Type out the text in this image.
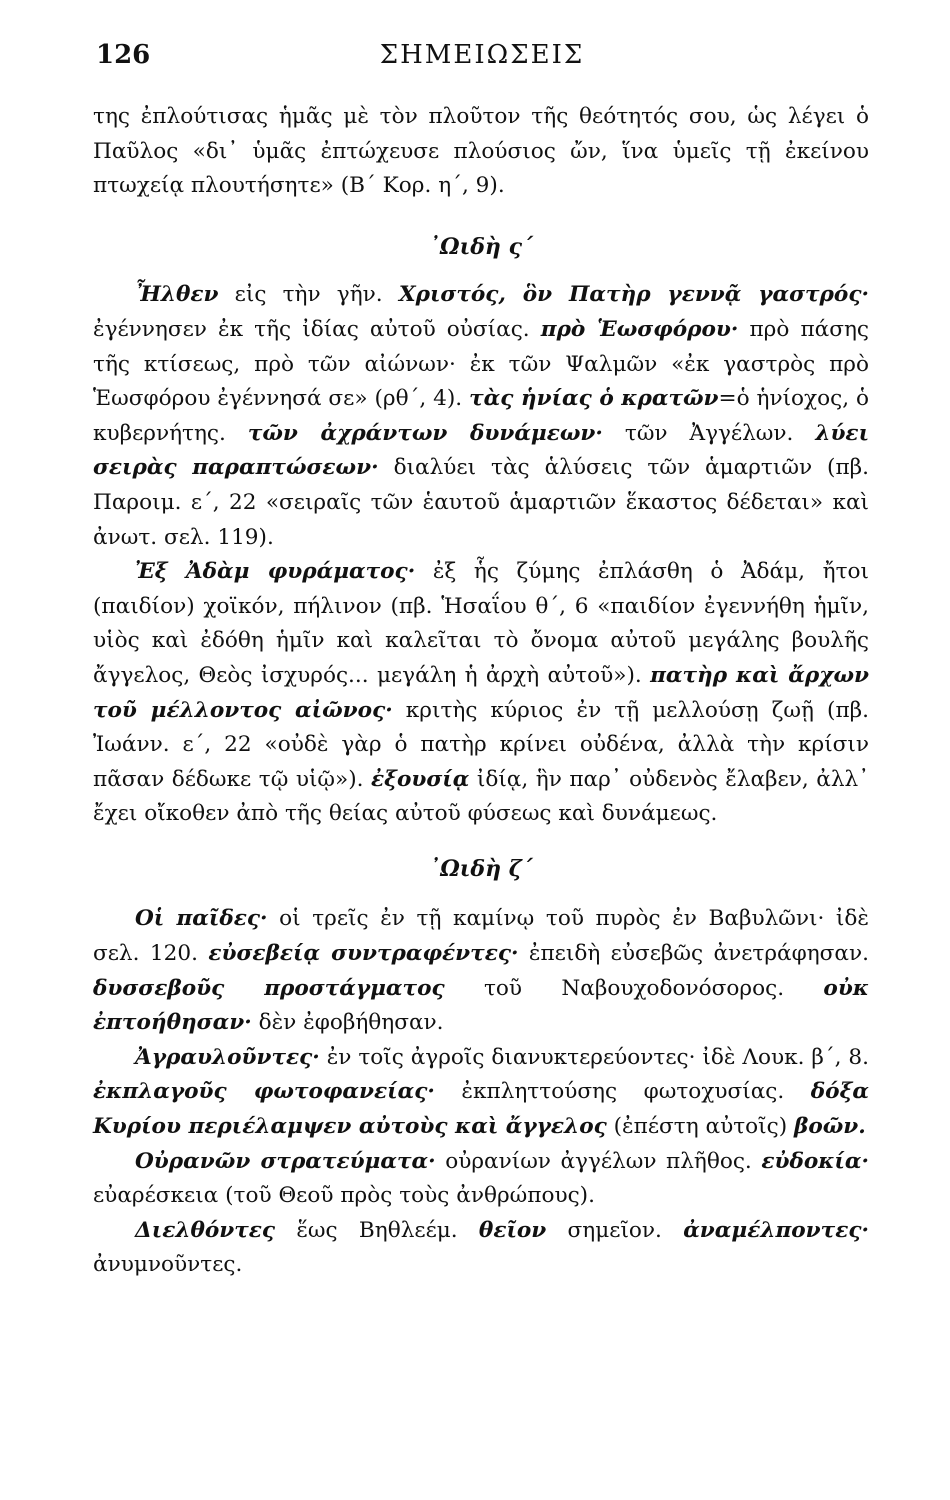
126	ΣΗΜΕΙΩΣΕΙΣ

της ἐπλούτισας ἡμᾶς μὲ τὸν πλοῦτον τῆς θεότητός σου, ὡς λέγει ὁ Παῦλος «δι᾽ ὑμᾶς ἐπτώχευσε πλούσιος ὤν, ἵνα ὑμεῖς τῇ ἐκείνου πτωχείᾳ πλουτήσητε» (Β΄ Κορ. η΄, 9).

᾽Ωιδὴ ς΄

Ἦλθεν εἰς τὴν γῆν. Χριστός, ὃν Πατὴρ γεννᾷ γαστρός· ἐγέννησεν ἐκ τῆς ἰδίας αὐτοῦ οὐσίας. πρὸ Ἑωσφόρου· πρὸ πάσης τῆς κτίσεως, πρὸ τῶν αἰώνων· ἐκ τῶν Ψαλμῶν «ἐκ γαστρὸς πρὸ Ἑωσφόρου ἐγέννησά σε» (ρθ΄, 4). τὰς ἡνίας ὁ κρατῶν=ὁ ἡνίοχος, ὁ κυβερνήτης. τῶν ἀχράντων δυνάμεων· τῶν Ἀγγέλων. λύει σειρὰς παραπτώσεων· διαλύει τὰς ἁλύσεις τῶν ἁμαρτιῶν (πβ. Παροιμ. ε΄, 22 «σειραῖς τῶν ἑαυτοῦ ἁμαρτιῶν ἕκαστος δέδεται» καὶ ἀνωτ. σελ. 119).

Ἐξ Ἀδὰμ φυράματος· ἐξ ἧς ζύμης ἐπλάσθη ὁ Ἀδάμ, ἤτοι (παιδίον) χοϊκόν, πήλινον (πβ. Ἡσαΐου θ΄, 6 «παιδίον ἐγεννήθη ἡμῖν, υἱὸς καὶ ἐδόθη ἡμῖν καὶ καλεῖται τὸ ὄνομα αὐτοῦ μεγάλης βουλῆς ἄγγελος, Θεὸς ἰσχυρός... μεγάλη ἡ ἀρχὴ αὐτοῦ»). πατὴρ καὶ ἄρχων τοῦ μέλλοντος αἰῶνος· κριτὴς κύριος ἐν τῇ μελλούσῃ ζωῇ (πβ. Ἰωάνν. ε΄, 22 «οὐδὲ γὰρ ὁ πατὴρ κρίνει οὐδένα, ἀλλὰ τὴν κρίσιν πᾶσαν δέδωκε τῷ υἱῷ»). ἐξουσίᾳ ἰδίᾳ, ἣν παρ᾽ οὐδενὸς ἔλαβεν, ἀλλ᾽ ἔχει οἴκοθεν ἀπὸ τῆς θείας αὐτοῦ φύσεως καὶ δυνάμεως.

᾽Ωιδὴ ζ΄

Οἱ παῖδες· οἱ τρεῖς ἐν τῇ καμίνῳ τοῦ πυρὸς ἐν Βαβυλῶνι· ἰδὲ σελ. 120. εὐσεβείᾳ συντραφέντες· ἐπειδὴ εὐσεβῶς ἀνετράφησαν. δυσσεβοῦς προστάγματος τοῦ Ναβουχοδονόσορος. οὐκ ἐπτοήθησαν· δὲν ἐφοβήθησαν.

Ἀγραυλοῦντες· ἐν τοῖς ἀγροῖς διανυκτερεύοντες· ἰδὲ Λουκ. β΄, 8. ἐκπλαγοῦς φωτοφανείας· ἐκπληττούσης φωτοχυσίας. δόξα Κυρίου περιέλαμψεν αὐτοὺς καὶ ἄγγελος (ἐπέστη αὐτοῖς) βοῶν.

Οὐρανῶν στρατεύματα· οὐρανίων ἀγγέλων πλῆθος. εὐδοκία· εὐαρέσκεια (τοῦ Θεοῦ πρὸς τοὺς ἀνθρώπους).

Διελθόντες ἕως Βηθλεέμ. θεῖον σημεῖον. ἀναμέλποντες· ἀνυμνοῦντες.
